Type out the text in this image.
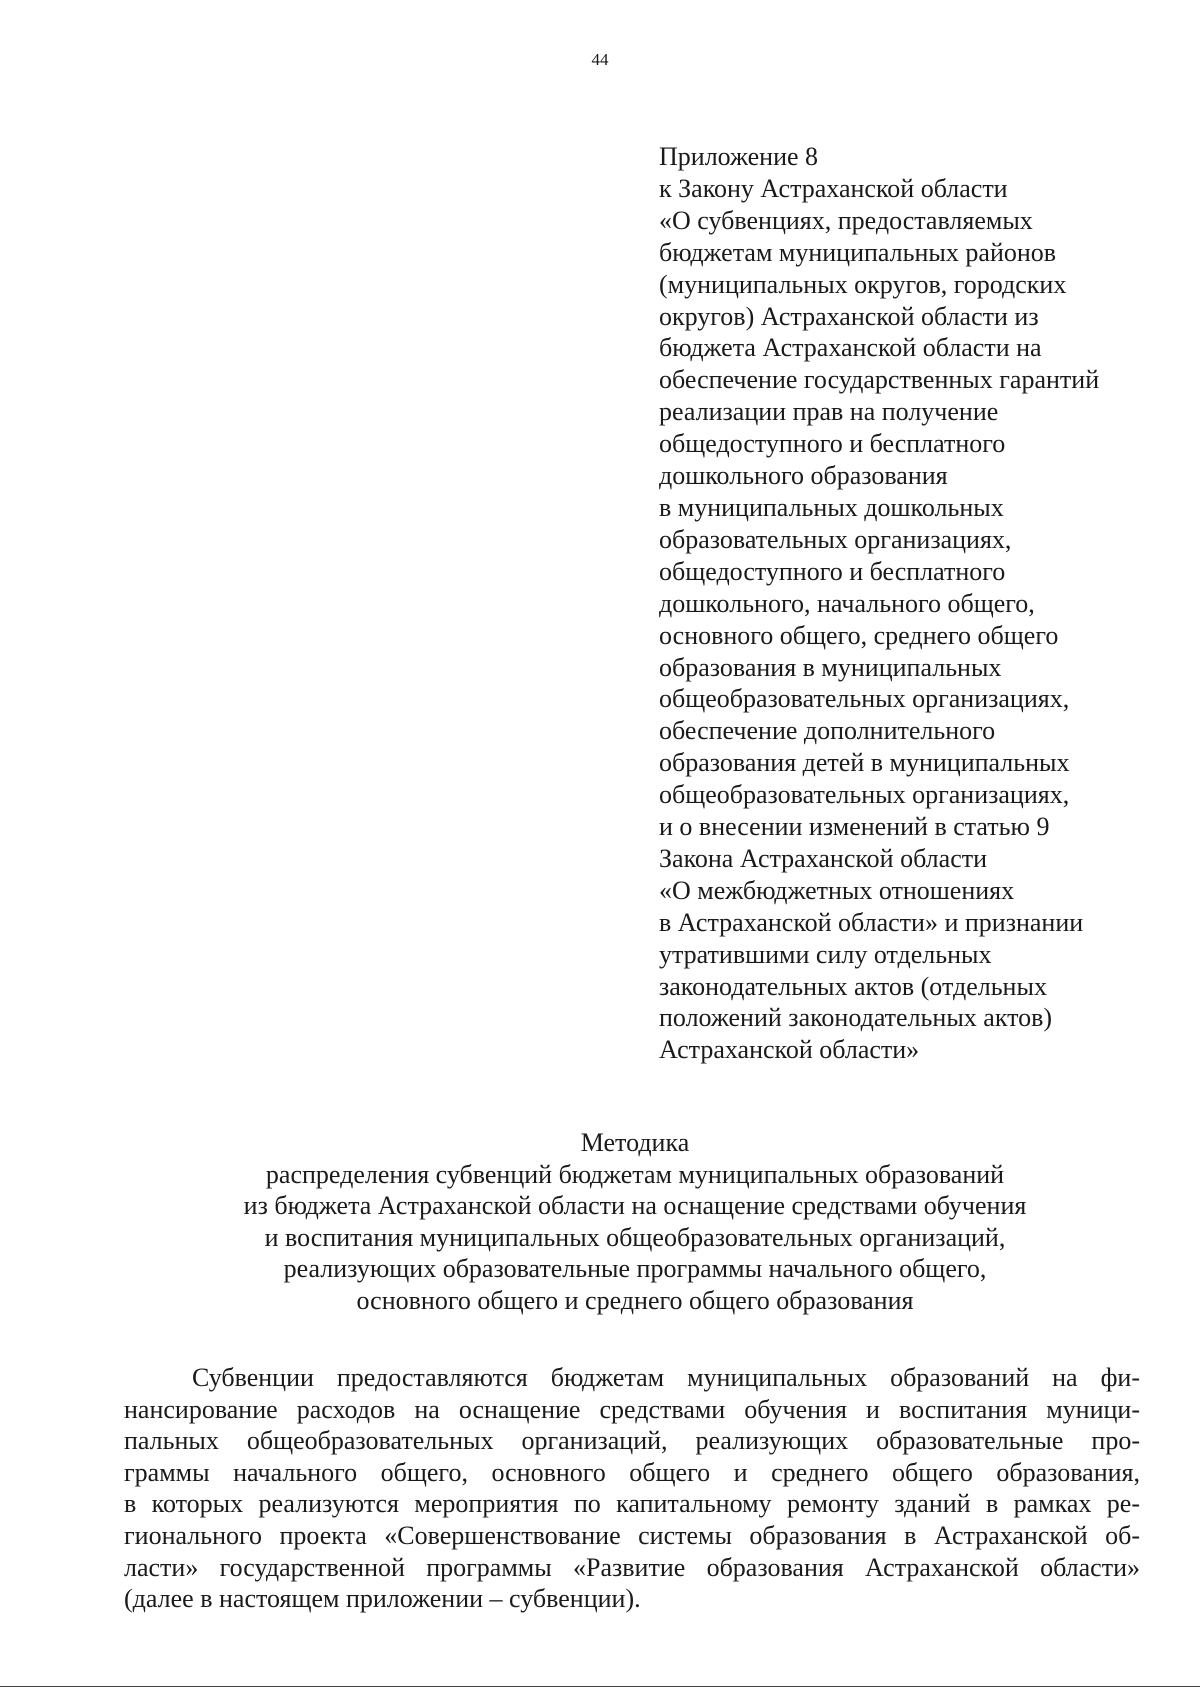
44
Приложение 8
к Закону Астраханской области
«О субвенциях, предоставляемых
бюджетам муниципальных районов
(муниципальных округов, городских
округов) Астраханской области из
бюджета Астраханской области на
обеспечение государственных гарантий
реализации прав на получение
общедоступного и бесплатного
дошкольного образования
в муниципальных дошкольных
образовательных организациях,
общедоступного и бесплатного
дошкольного, начального общего,
основного общего, среднего общего
образования в муниципальных
общеобразовательных организациях,
обеспечение дополнительного
образования детей в муниципальных
общеобразовательных организациях,
и о внесении изменений в статью 9
Закона Астраханской области
«О межбюджетных отношениях
в Астраханской области» и признании
утратившими силу отдельных
законодательных актов (отдельных
положений законодательных актов)
Астраханской области»
Методика
распределения субвенций бюджетам муниципальных образований
из бюджета Астраханской области на оснащение средствами обучения
и воспитания муниципальных общеобразовательных организаций,
реализующих образовательные программы начального общего,
основного общего и среднего общего образования
Субвенции предоставляются бюджетам муниципальных образований на фи-
нансирование расходов на оснащение средствами обучения и воспитания муници-
пальных общеобразовательных организаций, реализующих образовательные про-
граммы начального общего, основного общего и среднего общего образования,
в которых реализуются мероприятия по капитальному ремонту зданий в рамках ре-
гионального проекта «Совершенствование системы образования в Астраханской об-
ласти» государственной программы «Развитие образования Астраханской области»
(далее в настоящем приложении – субвенции).
